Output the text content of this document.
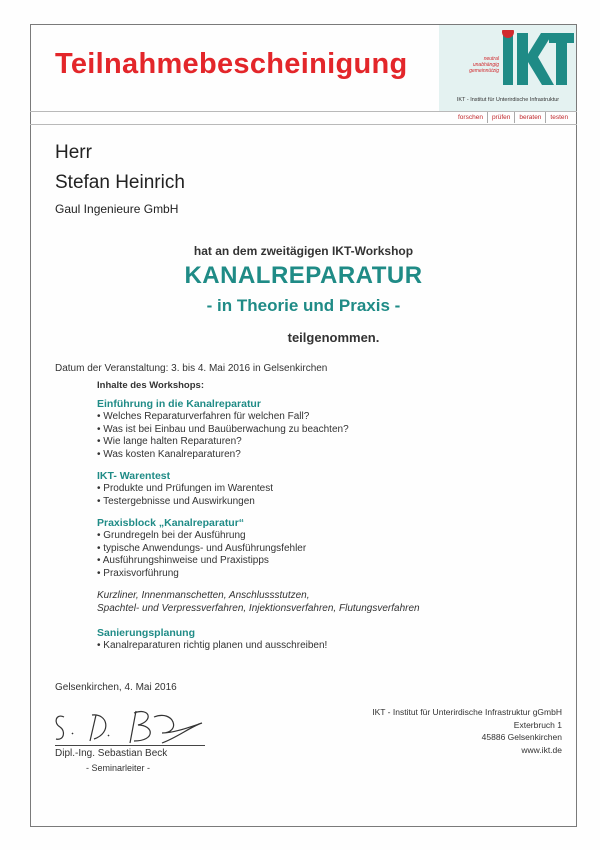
Teilnahmebescheinigung	neutral
unabhängig
gemeinnützig
IKT - Institut für Unterirdische Infrastruktur
forschen	prüfen	beraten	testen
Herr
Stefan Heinrich
Gaul Ingenieure GmbH
hat an dem zweitägigen IKT-Workshop
KANALREPARATUR
- in Theorie und Praxis -
teilgenommen.
Datum der Veranstaltung: 3. bis 4. Mai 2016 in Gelsenkirchen
Inhalte des Workshops:
Einführung in die Kanalreparatur
• Welches Reparaturverfahren für welchen Fall?
• Was ist bei Einbau und Bauüberwachung zu beachten?
• Wie lange halten Reparaturen?
• Was kosten Kanalreparaturen?
IKT- Warentest
• Produkte und Prüfungen im Warentest
• Testergebnisse und Auswirkungen
Praxisblock „Kanalreparatur“
• Grundregeln bei der Ausführung
• typische Anwendungs- und Ausführungsfehler
• Ausführungshinweise und Praxistipps
• Praxisvorführung
Kurzliner, Innenmanschetten, Anschlussstutzen,
Spachtel- und Verpressverfahren, Injektionsverfahren, Flutungsverfahren
Sanierungsplanung
• Kanalreparaturen richtig planen und ausschreiben!
Gelsenkirchen, 4. Mai 2016
Dipl.-Ing. Sebastian Beck
- Seminarleiter -
IKT - Institut für Unterirdische Infrastruktur gGmbH
Exterbruch 1
45886 Gelsenkirchen
www.ikt.de
